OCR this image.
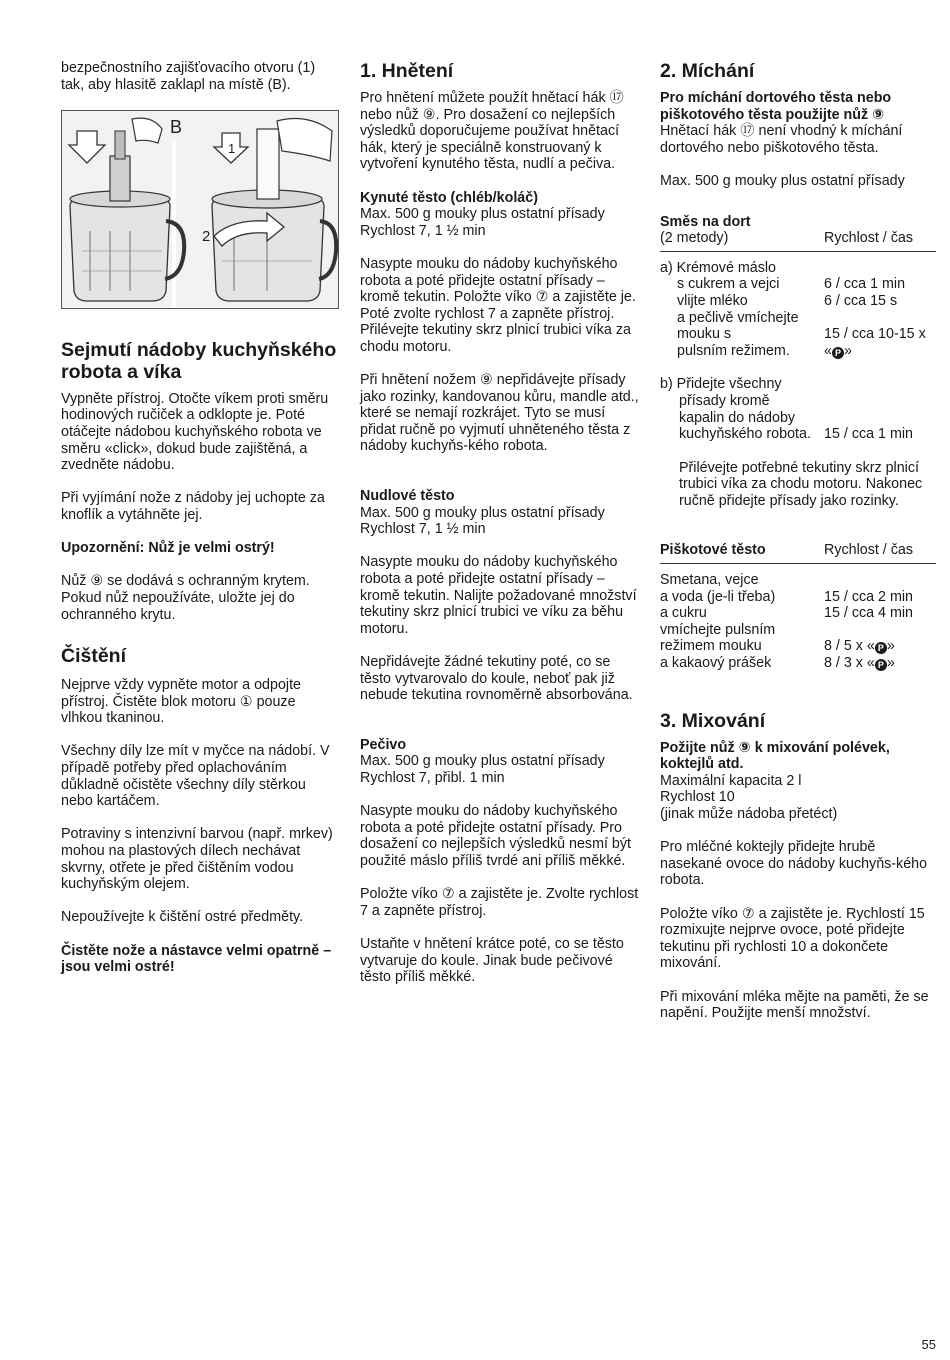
bezpečnostního zajišťovacího otvoru (1) tak, aby hlasitě zaklapl na místě (B).

B
1
2
Sejmutí nádoby kuchyňského robota a víka

Vypněte přístroj. Otočte víkem proti směru hodinových ručiček a odklopte je. Poté otáčejte nádobou kuchyňského robota ve směru «click», dokud bude zajištěná, a zvedněte nádobu.

Při vyjímání nože z nádoby jej uchopte za knoflík a vytáhněte jej.

Upozornění: Nůž je velmi ostrý!

Nůž ⑨ se dodává s ochranným krytem. Pokud nůž nepoužíváte, uložte jej do ochranného krytu.

Čištění

Nejprve vždy vypněte motor a odpojte přístroj. Čistěte blok motoru ① pouze vlhkou tkaninou.

Všechny díly lze mít v myčce na nádobí. V případě potřeby před oplachováním důkladně očistěte všechny díly stěrkou nebo kartáčem.

Potraviny s intenzivní barvou (např. mrkev) mohou na plastových dílech nechávat skvrny, otřete je před čištěním vodou kuchyňským olejem.

Nepoužívejte k čištění ostré předměty.

Čistěte nože a nástavce velmi opatrně – jsou velmi ostré!

1. Hnětení

Pro hnětení můžete použít hnětací hák ⑰ nebo nůž ⑨. Pro dosažení co nejlepších výsledků doporučujeme používat hnětací hák, který je speciálně konstruovaný k vytvoření kynutého těsta, nudlí a pečiva.

Kynuté těsto (chléb/koláč)

Max. 500 g mouky plus ostatní přísady

Rychlost 7, 1 ½ min

Nasypte mouku do nádoby kuchyňského robota a poté přidejte ostatní přísady – kromě tekutin. Položte víko ⑦ a zajistěte je. Poté zvolte rychlost 7 a zapněte přístroj. Přilévejte tekutiny skrz plnicí trubici víka za chodu motoru.

Při hnětení nožem ⑨ nepřidávejte přísady jako rozinky, kandovanou kůru, mandle atd., které se nemají rozkrájet. Tyto se musí přidat ručně po vyjmutí uhněteného těsta z nádoby kuchyňs-kého robota.

Nudlové těsto

Max. 500 g mouky plus ostatní přísady

Rychlost 7, 1 ½ min

Nasypte mouku do nádoby kuchyňského robota a poté přidejte ostatní přísady – kromě tekutin. Nalijte požadované množství tekutiny skrz plnicí trubici ve víku za běhu motoru.

Nepřidávejte žádné tekutiny poté, co se těsto vytvarovalo do koule, neboť pak již nebude tekutina rovnoměrně absorbována.

Pečivo

Max. 500 g mouky plus ostatní přísady

Rychlost 7, přibl. 1 min

Nasypte mouku do nádoby kuchyňského robota a poté přidejte ostatní přísady. Pro dosažení co nejlepších výsledků nesmí být použité máslo příliš tvrdé ani příliš měkké.

Položte víko ⑦ a zajistěte je. Zvolte rychlost 7 a zapněte přístroj.

Ustaňte v hnětení krátce poté, co se těsto vytvaruje do koule. Jinak bude pečivové těsto příliš měkké.

2. Míchání

Pro míchání dortového těsta nebo piškotového těsta použijte nůž ⑨

Hnětací hák ⑰ není vhodný k míchání dortového nebo piškotového těsta.

Max. 500 g mouky plus ostatní přísady

Směs na dort	
(2 metody)	Rychlost / čas

a) Krémové máslo	
s cukrem a vejci	6 / cca 1 min
vlijte mléko	6 / cca 15 s
a pečlivě vmíchejte	
mouku s	15 / cca 10-15 x
pulsním režimem.	« P »

b) Přidejte všechny	
přísady kromě	
kapalin do nádoby	
kuchyňského robota.	15 / cca 1 min

Přilévejte potřebné tekutiny skrz plnicí trubici víka za chodu motoru. Nakonec ručně přidejte přísady jako rozinky.

Piškotové těsto	Rychlost / čas

Smetana, vejce	
a voda (je-li třeba)	15 / cca 2 min
a cukru	15 / cca 4 min
vmíchejte pulsním	
režimem mouku	8 / 5 x « P »
a kakaový prášek	8 / 3 x « P »
3. Mixování

Požijte nůž ⑨ k mixování polévek, koktejlů atd.

Maximální kapacita 2 l

Rychlost 10

(jinak může nádoba přetéct)

Pro mléčné koktejly přidejte hrubě nasekané ovoce do nádoby kuchyňs-kého robota.

Položte víko ⑦ a zajistěte je. Rychlostí 15 rozmixujte nejprve ovoce, poté přidejte tekutinu při rychlosti 10 a dokončete mixování.

Při mixování mléka mějte na paměti, že se napění. Použijte menší množství.

55
